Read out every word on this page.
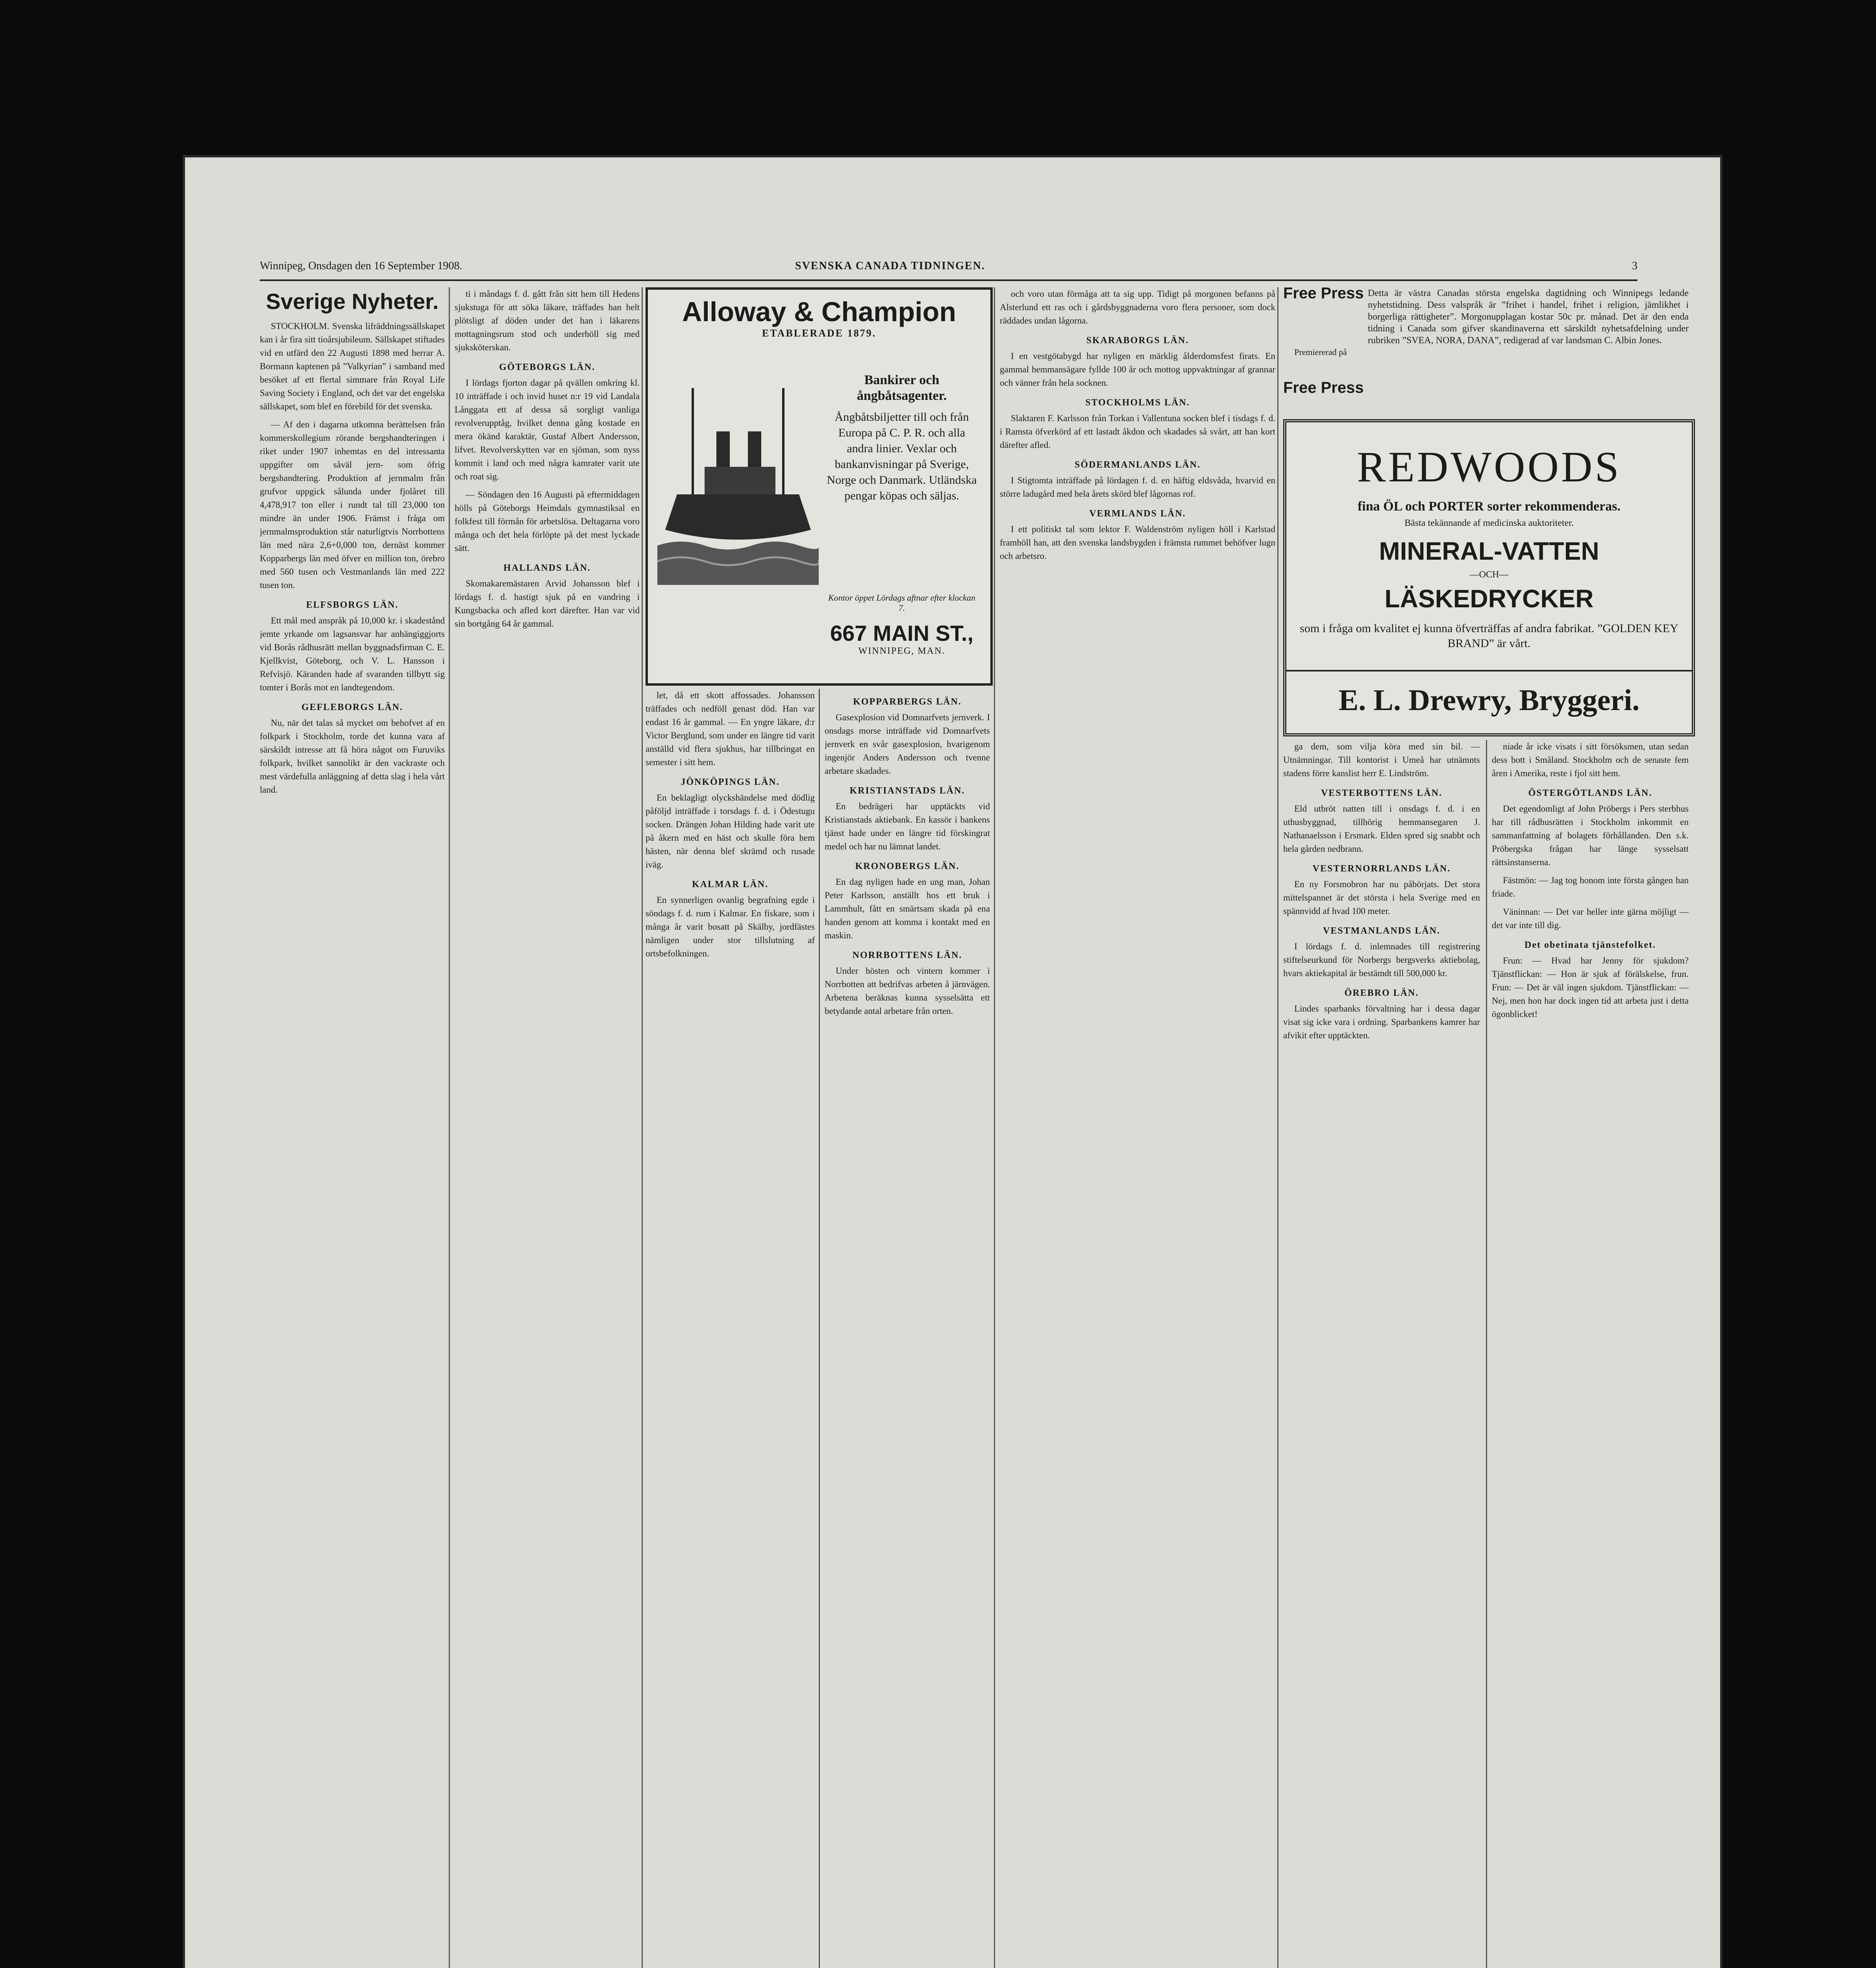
Winnipeg, Onsdagen den 16 September 1908.	SVENSKA CANADA TIDNINGEN.	3
Sverige Nyheter.

STOCKHOLM. Svenska lifräddningssällskapet kan i år fira sitt tioårsjubileum. Sällskapet stiftades vid en utfärd den 22 Augusti 1898 med herrar A. Bormann kaptenen på ”Valkyrian” i samband med besöket af ett flertal simmare från Royal Life Saving Society i England, och det var det engelska sällskapet, som blef en förebild för det svenska.

— Af den i dagarna utkomna berättelsen från kommerskollegium rörande bergshandteringen i riket under 1907 inhemtas en del intressanta uppgifter om såväl jern- som öfrig bergshandtering. Produktion af jernmalm från grufvor uppgick sålunda under fjolåret till 4,478,917 ton eller i rundt tal till 23,000 ton mindre än under 1906. Främst i fråga om jernmalmsproduktion står naturligtvis Norrbottens län med nära 2,6+0,000 ton, dernäst kommer Kopparbergs län med öfver en million ton, örebro med 560 tusen och Vestmanlands län med 222 tusen ton.

ELFSBORGS LÄN.

Ett mål med anspråk på 10,000 kr. i skadestånd jemte yrkande om lagsansvar har anhängiggjorts vid Borås rådhusrätt mellan byggnadsfirman C. E. Kjellkvist, Göteborg, och V. L. Hansson i Refvisjö. Käranden hade af svaranden tillbytt sig tomter i Borås mot en landtegendom.

GEFLEBORGS LÄN.

Nu, när det talas så mycket om behofvet af en folkpark i Stockholm, torde det kunna vara af särskildt intresse att få höra något om Furuviks folkpark, hvilket sannolikt är den vackraste och mest värdefulla anläggning af detta slag i hela vårt land.

ti i måndags f. d. gått från sitt hem till Hedens sjukstuga för att söka läkare, träffades han helt plötsligt af döden under det han i läkarens mottagningsrum stod och underhöll sig med sjuksköterskan.

GÖTEBORGS LÄN.

I lördags fjorton dagar på qvällen omkring kl. 10 inträffade i och invid huset n:r 19 vid Landala Långgata ett af dessa så sorgligt vanliga revolverupptåg, hvilket denna gång kostade en mera ökänd karaktär, Gustaf Albert Andersson, lifvet. Revolverskytten var en sjöman, som nyss kommit i land och med några kamrater varit ute och roat sig.

— Söndagen den 16 Augusti på eftermiddagen hölls på Göteborgs Heimdals gymnastiksal en folkfest till förmån för arbetslösa. Deltagarna voro många och det hela förlöpte på det mest lyckade sätt.

HALLANDS LÄN.

Skomakaremästaren Arvid Johansson blef i lördags f. d. hastigt sjuk på en vandring i Kungsbacka och afled kort därefter. Han var vid sin bortgång 64 år gammal.

Alloway & Champion
ETABLERADE 1879.
Bankirer och ångbåtsagenter.
Ångbåtsbiljetter till och från Europa på C. P. R. och alla andra linier. Vexlar och bankanvisningar på Sverige, Norge och Danmark. Utländska pengar köpas och säljas.
Kontor öppet Lördags aftnar efter klockan 7.
667 MAIN ST.,
WINNIPEG, MAN.

let, då ett skott affossades. Johansson träffades och nedföll genast död. Han var endast 16 år gammal. — En yngre läkare, d:r Victor Berglund, som under en längre tid varit anställd vid flera sjukhus, har tillbringat en semester i sitt hem.

JÖNKÖPINGS LÄN.

En beklagligt olyckshändelse med dödlig påföljd inträffade i torsdags f. d. i Ödestugu socken. Drängen Johan Hilding hade varit ute på åkern med en häst och skulle föra hem hästen, när denna blef skrämd och rusade iväg.

KALMAR LÄN.

En synnerligen ovanlig begrafning egde i söndags f. d. rum i Kalmar. En fiskare, som i många år varit bosatt på Skälby, jordfästes nämligen under stor tillslutning af ortsbefolkningen.

KOPPARBERGS LÄN.

Gasexplosion vid Domnarfvets jernverk. I onsdags morse inträffade vid Domnarfvets jernverk en svår gasexplosion, hvarigenom ingenjör Anders Andersson och tvenne arbetare skadades.

KRISTIANSTADS LÄN.

En bedrägeri har upptäckts vid Kristianstads aktiebank. En kassör i bankens tjänst hade under en längre tid förskingrat medel och har nu lämnat landet.

KRONOBERGS LÄN.

En dag nyligen hade en ung man, Johan Peter Karlsson, anställt hos ett bruk i Lammhult, fått en smärtsam skada på ena handen genom att komma i kontakt med en maskin.

NORRBOTTENS LÄN.

Under hösten och vintern kommer i Norrbotten att bedrifvas arbeten å järnvägen. Arbetena beräknas kunna sysselsätta ett betydande antal arbetare från orten.

och voro utan förmåga att ta sig upp. Tidigt på morgonen befanns på Alsterlund ett ras och i gårdsbyggnaderna voro flera personer, som dock räddades undan lågorna.

SKARABORGS LÄN.

I en vestgötabygd har nyligen en märklig ålderdomsfest firats. En gammal hemmansägare fyllde 100 år och mottog uppvaktningar af grannar och vänner från hela socknen.

STOCKHOLMS LÄN.

Slaktaren F. Karlsson från Torkan i Vallentuna socken blef i tisdags f. d. i Ramsta öfverkörd af ett lastadt åkdon och skadades så svårt, att han kort därefter afled.

SÖDERMANLANDS LÄN.

I Stigtomta inträffade på lördagen f. d. en häftig eldsvåda, hvarvid en större ladugård med hela årets skörd blef lågornas rof.

VERMLANDS LÄN.

I ett politiskt tal som lektor F. Waldenström nyligen höll i Karlstad framhöll han, att den svenska landsbygden i främsta rummet behöfver lugn och arbetsro.

Free Press
Premiererad på
Free Press
Detta är västra Canadas största engelska dagtidning och Winnipegs ledande nyhetstidning. Dess valspråk är ”frihet i handel, frihet i religion, jämlikhet i borgerliga rättigheter”. Morgonupplagan kostar 50c pr. månad. Det är den enda tidning i Canada som gifver skandinaverna ett särskildt nyhetsafdelning under rubriken ”SVEA, NORA, DANA”, redigerad af var landsman C. Albin Jones.
REDWOODS
fina ÖL och PORTER sorter rekommenderas.
Bästa tekännande af medicinska auktoriteter.
MINERAL-VATTEN
—OCH—
LÄSKEDRYCKER
som i fråga om kvalitet ej kunna öfverträffas af andra fabrikat. ”GOLDEN KEY BRAND” är vårt.
E. L. Drewry, Bryggeri.

ga dem, som vilja köra med sin bil. — Utnämningar. Till kontorist i Umeå har utnämnts stadens förre kanslist herr E. Lindström.

VESTERBOTTENS LÄN.

Eld utbröt natten till i onsdags f. d. i en uthusbyggnad, tillhörig hemmansegaren J. Nathanaelsson i Ersmark. Elden spred sig snabbt och hela gården nedbrann.

VESTERNORRLANDS LÄN.

En ny Forsmobron har nu påbörjats. Det stora mittelspannet är det största i hela Sverige med en spännvidd af hvad 100 meter.

VESTMANLANDS LÄN.

I lördags f. d. inlemnades till registrering stiftelseurkund för Norbergs bergsverks aktiebolag, hvars aktiekapital är bestämdt till 500,000 kr.

ÖREBRO LÄN.

Lindes sparbanks förvaltning har i dessa dagar visat sig icke vara i ordning. Sparbankens kamrer har afvikit efter upptäckten.

niade år icke visats i sitt försöksmen, utan sedan dess bott i Småland. Stockholm och de senaste fem åren i Amerika, reste i fjol sitt hem.

ÖSTERGÖTLANDS LÄN.

Det egendomligt af John Pröbergs i Pers sterbhus har till rådhusrätten i Stockholm inkommit en sammanfattning af bolagets förhållanden. Den s.k. Pröbergska frågan har länge sysselsatt rättsinstanserna.

Fästmön: — Jag tog honom inte första gången han friade.

Väninnan: — Det var heller inte gärna möjligt — det var inte till dig.

Det obetinata tjänstefolket.

Frun: — Hvad har Jenny för sjukdom? Tjänstflickan: — Hon är sjuk af förälskelse, frun. Frun: — Det är väl ingen sjukdom. Tjänstflickan: — Nej, men hon har dock ingen tid att arbeta just i detta ögonblicket!
